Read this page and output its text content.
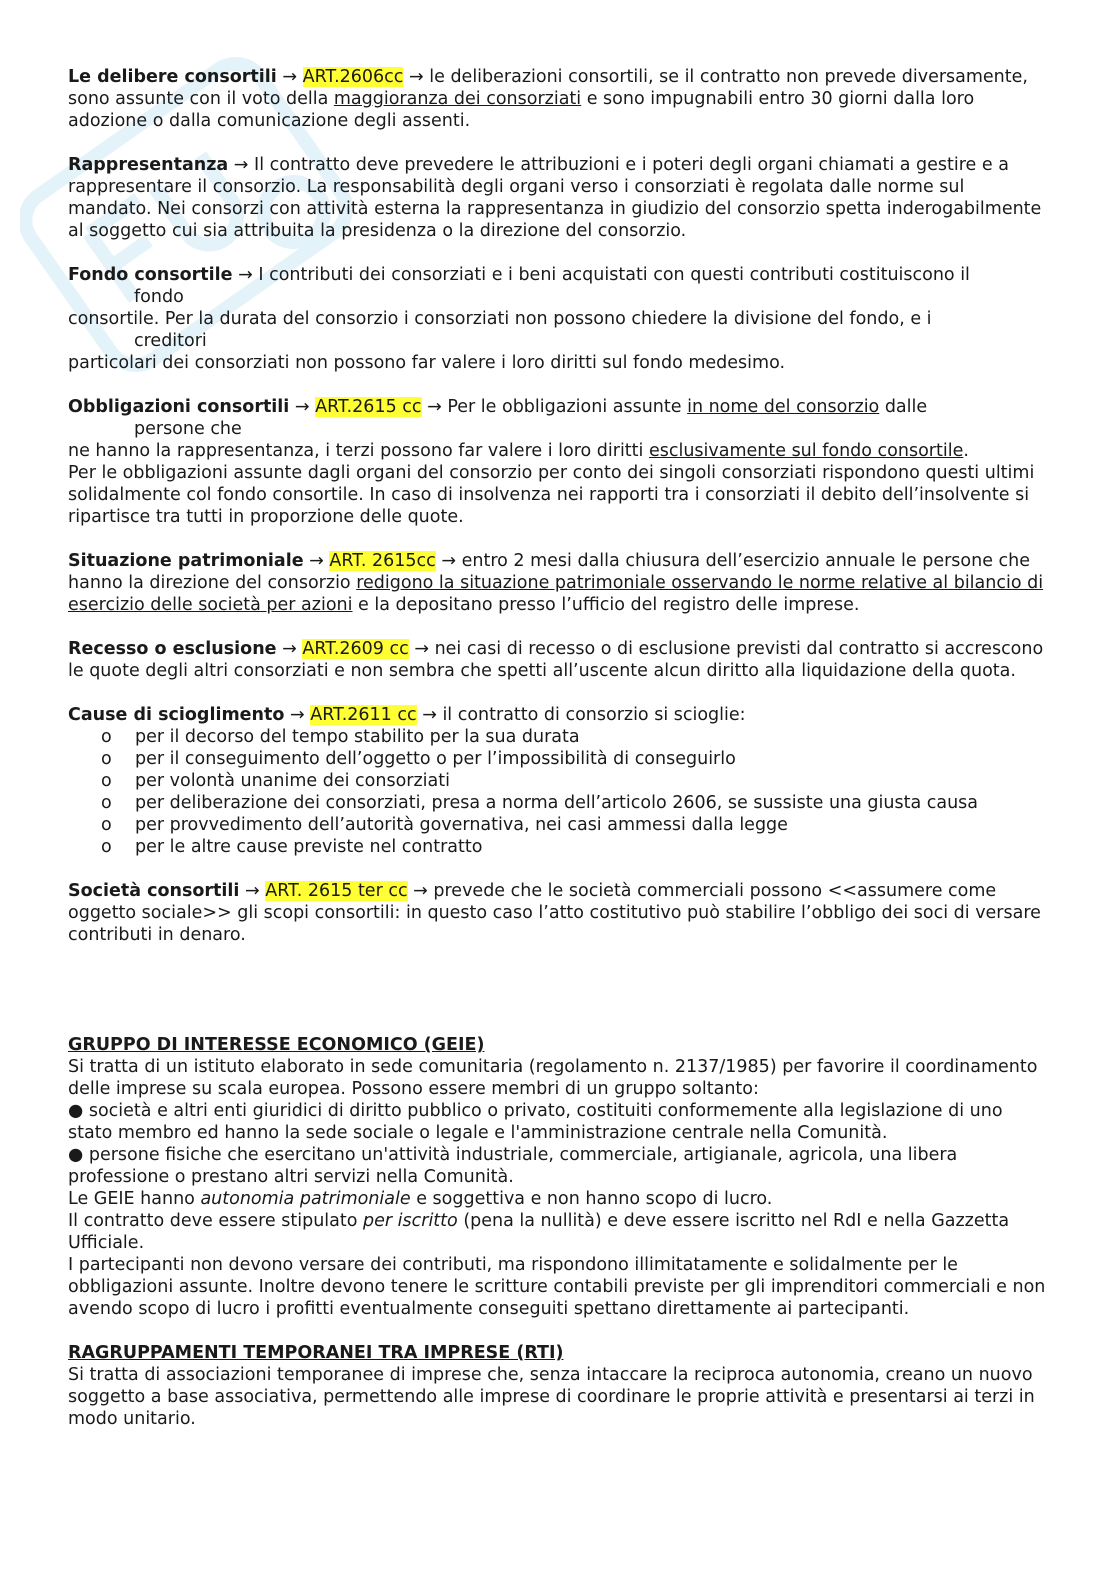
Le delibere consortili → ART.2606cc → le deliberazioni consortili, se il contratto non prevede diversamente, sono assunte con il voto della maggioranza dei consorziati e sono impugnabili entro 30 giorni dalla loro adozione o dalla comunicazione degli assenti.

Rappresentanza → Il contratto deve prevedere le attribuzioni e i poteri degli organi chiamati a gestire e a rappresentare il consorzio. La responsabilità degli organi verso i consorziati è regolata dalle norme sul mandato. Nei consorzi con attività esterna la rappresentanza in giudizio del consorzio spetta inderogabilmente al soggetto cui sia attribuita la presidenza o la direzione del consorzio.

Fondo consortile → I contributi dei consorziati e i beni acquistati con questi contributi costituiscono il
fondo
consortile. Per la durata del consorzio i consorziati non possono chiedere la divisione del fondo, e i
creditori
particolari dei consorziati non possono far valere i loro diritti sul fondo medesimo.

Obbligazioni consortili → ART.2615 cc → Per le obbligazioni assunte in nome del consorzio dalle
persone che
ne hanno la rappresentanza, i terzi possono far valere i loro diritti esclusivamente sul fondo consortile.
Per le obbligazioni assunte dagli organi del consorzio per conto dei singoli consorziati rispondono questi ultimi solidalmente col fondo consortile. In caso di insolvenza nei rapporti tra i consorziati il debito dell’insolvente si ripartisce tra tutti in proporzione delle quote.

Situazione patrimoniale → ART. 2615cc → entro 2 mesi dalla chiusura dell’esercizio annuale le persone che hanno la direzione del consorzio redigono la situazione patrimoniale osservando le norme relative al bilancio di esercizio delle società per azioni e la depositano presso l’ufficio del registro delle imprese.

Recesso o esclusione → ART.2609 cc → nei casi di recesso o di esclusione previsti dal contratto si accrescono le quote degli altri consorziati e non sembra che spetti all’uscente alcun diritto alla liquidazione della quota.

Cause di scioglimento → ART.2611 cc → il contratto di consorzio si scioglie:
o per il decorso del tempo stabilito per la sua durata
o per il conseguimento dell’oggetto o per l’impossibilità di conseguirlo
o per volontà unanime dei consorziati
o per deliberazione dei consorziati, presa a norma dell’articolo 2606, se sussiste una giusta causa
o per provvedimento dell’autorità governativa, nei casi ammessi dalla legge
o per le altre cause previste nel contratto

Società consortili → ART. 2615 ter cc → prevede che le società commerciali possono <<assumere come oggetto sociale>> gli scopi consortili: in questo caso l’atto costitutivo può stabilire l’obbligo dei soci di versare contributi in denaro.

GRUPPO DI INTERESSE ECONOMICO (GEIE)

Si tratta di un istituto elaborato in sede comunitaria (regolamento n. 2137/1985) per favorire il coordinamento delle imprese su scala europea. Possono essere membri di un gruppo soltanto:
● società e altri enti giuridici di diritto pubblico o privato, costituiti conformemente alla legislazione di uno stato membro ed hanno la sede sociale o legale e l'amministrazione centrale nella Comunità.
● persone fisiche che esercitano un'attività industriale, commerciale, artigianale, agricola, una libera professione o prestano altri servizi nella Comunità.
Le GEIE hanno autonomia patrimoniale e soggettiva e non hanno scopo di lucro.
Il contratto deve essere stipulato per iscritto (pena la nullità) e deve essere iscritto nel RdI e nella Gazzetta Ufficiale.
I partecipanti non devono versare dei contributi, ma rispondono illimitatamente e solidalmente per le obbligazioni assunte. Inoltre devono tenere le scritture contabili previste per gli imprenditori commerciali e non avendo scopo di lucro i profitti eventualmente conseguiti spettano direttamente ai partecipanti.

RAGRUPPAMENTI TEMPORANEI TRA IMPRESE (RTI)

Si tratta di associazioni temporanee di imprese che, senza intaccare la reciproca autonomia, creano un nuovo soggetto a base associativa, permettendo alle imprese di coordinare le proprie attività e presentarsi ai terzi in modo unitario.
